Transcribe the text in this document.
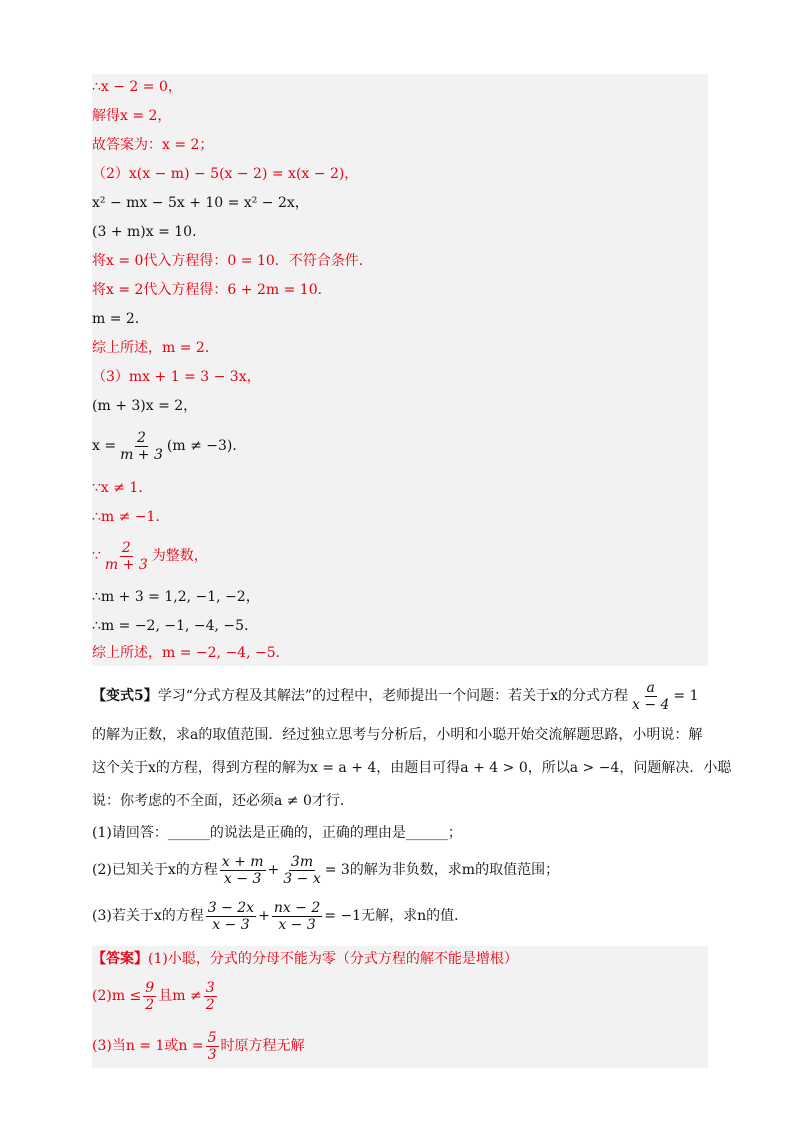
∴x − 2 = 0，
解得x = 2，
故答案为：x = 2；
（2）x(x − m) − 5(x − 2) = x(x − 2)，
x² − mx − 5x + 10 = x² − 2x，
(3 + m)x = 10．
将x = 0代入方程得：0 = 10．不符合条件．
将x = 2代入方程得：6 + 2m = 10．
m = 2．
综上所述，m = 2．
（3）mx + 1 = 3 − 3x，
(m + 3)x = 2，
$x = \frac{2}{m + 3} (m \ne -3)$．
∵x ≠ 1．
∴m ≠ −1．
∵ $\frac{2}{m + 3}$ 为整数，
∴m + 3 = 1,2, −1, −2，
∴m = −2, −1, −4, −5．
综上所述，m = −2, −4, −5．
【变式5】 学习“分式方程及其解法”的过程中，老师提出一个问题：若关于x的分式方程 $\frac{a}{x - 4} = 1$
的解为正数，求a的取值范围．经过独立思考与分析后，小明和小聪开始交流解题思路，小明说：解
这个关于x的方程，得到方程的解为x = a + 4，由题目可得a + 4 > 0，所以a > −4，问题解决．小聪
说：你考虑的不全面，还必须a ≠ 0才行．
(1)请回答：______的说法是正确的，正确的理由是______；
(2)已知关于x的方程 $\frac{x + m}{x - 3} + \frac{3m}{3 - x} = 3$的解为非负数，求m的取值范围；
(3)若关于x的方程 $\frac{3 - 2x}{x - 3} + \frac{nx - 2}{x - 3} = -1$无解，求n的值．
【答案】 (1)小聪，分式的分母不能为零（分式方程的解不能是增根）
$(2)m \le \frac{9}{2}$ 且$m \ne \frac{3}{2}$
(3)当n = 1或$n = \frac{5}{3}$ 时原方程无解
